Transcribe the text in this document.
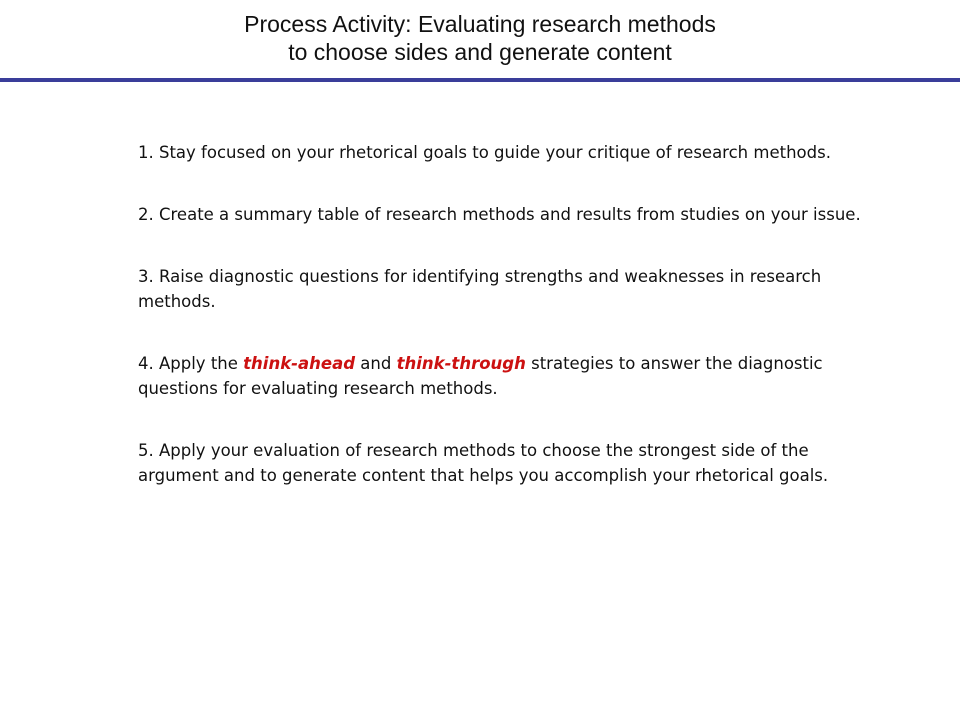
Process Activity: Evaluating research methods
to choose sides and generate content
1. Stay focused on your rhetorical goals to guide your critique of research methods.
2. Create a summary table of research methods and results from studies on your issue.
3. Raise diagnostic questions for identifying strengths and weaknesses in research methods.
4. Apply the think-ahead and think-through strategies to answer the diagnostic questions for evaluating research methods.
5. Apply your evaluation of research methods to choose the strongest side of the argument and to generate content that helps you accomplish your rhetorical goals.
